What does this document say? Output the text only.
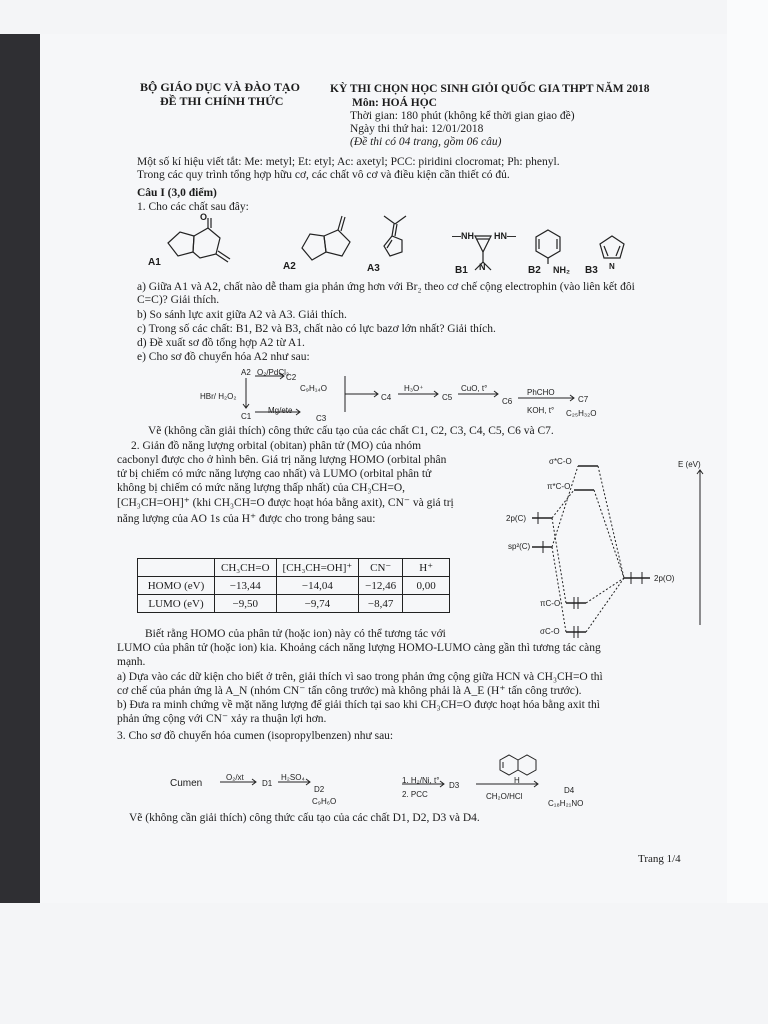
BỘ GIÁO DỤC VÀ ĐÀO TẠO
ĐỀ THI CHÍNH THỨC
KỲ THI CHỌN HỌC SINH GIỎI QUỐC GIA THPT NĂM 2018
Môn: HOÁ HỌC
Thời gian: 180 phút (không kể thời gian giao đề)
Ngày thi thứ hai: 12/01/2018
(Đề thi có 04 trang, gồm 06 câu)
Một số kí hiệu viết tắt: Me: metyl; Et: etyl; Ac: axetyl; PCC: piridini clocromat; Ph: phenyl.
Trong các quy trình tổng hợp hữu cơ, các chất vô cơ và điều kiện cần thiết có đủ.
Câu I (3,0 điểm)
1. Cho các chất sau đây:
O
—NH HN—
N	NH₂	N
A1	A2	A3	B1	B2	B3
a) Giữa A1 và A2, chất nào dễ tham gia phản ứng hơn với Br₂ theo cơ chế cộng electrophin (vào liên kết đôi
C=C)? Giải thích.
b) So sánh lực axit giữa A2 và A3. Giải thích.
c) Trong số các chất: B1, B2 và B3, chất nào có lực bazơ lớn nhất? Giải thích.
d) Đề xuất sơ đồ tổng hợp A2 từ A1.
e) Cho sơ đồ chuyển hóa A2 như sau:
A2 O₂/PdCl₂
C2
C₉H₁₄O
HBr/ H₂O₂
C1
Mg/ete
C3
C4
H₃O⁺
C5
CuO, t°
C6
PhCHO
KOH, t°
C7
C₂₅H₃₂O
Vẽ (không cần giải thích) công thức cấu tạo của các chất C1, C2, C3, C4, C5, C6 và C7.
2. Giản đồ năng lượng orbital (obitan) phân tử (MO) của nhóm
cacbonyl được cho ở hình bên. Giá trị năng lượng HOMO (orbital phân
tử bị chiếm có mức năng lượng cao nhất) và LUMO (orbital phân tử
không bị chiếm có mức năng lượng thấp nhất) của CH₃CH=O,
[CH₃CH=OH]⁺ (khi CH₃CH=O được hoạt hóa bằng axit), CN⁻ và giá trị
năng lượng của AO 1s của H⁺ được cho trong bảng sau:
E (eV)
σ*C-O
π*C-O
2p(C)
sp²(C)
2p(O)
πC-O
σC-O
	CH₃CH=O	[CH₃CH=OH]⁺	CN⁻	H⁺
HOMO (eV)	−13,44	−14,04	−12,46	0,00
LUMO (eV)	−9,50	−9,74	−8,47	
Biết rằng HOMO của phân tử (hoặc ion) này có thể tương tác với
LUMO của phân tử (hoặc ion) kia. Khoảng cách năng lượng HOMO-LUMO càng gần thì tương tác càng
mạnh.
a) Dựa vào các dữ kiện cho biết ở trên, giải thích vì sao trong phản ứng cộng giữa HCN và CH₃CH=O thì
cơ chế của phản ứng là A_N (nhóm CN⁻ tấn công trước) mà không phải là A_E (H⁺ tấn công trước).
b) Đưa ra minh chứng về mặt năng lượng để giải thích tại sao khi CH₃CH=O được hoạt hóa bằng axit thì
phản ứng cộng với CN⁻ xảy ra thuận lợi hơn.
3. Cho sơ đồ chuyển hóa cumen (isopropylbenzen) như sau:
Cumen
O₂/xt
D1
H₂SO₄
D2
C₉H₆O
1. H₂/Ni, t°
2. PCC
D3
H
CH₂O/HCl
D4
C₁₈H₂₁NO
Vẽ (không cần giải thích) công thức cấu tạo của các chất D1, D2, D3 và D4.
Trang 1/4
